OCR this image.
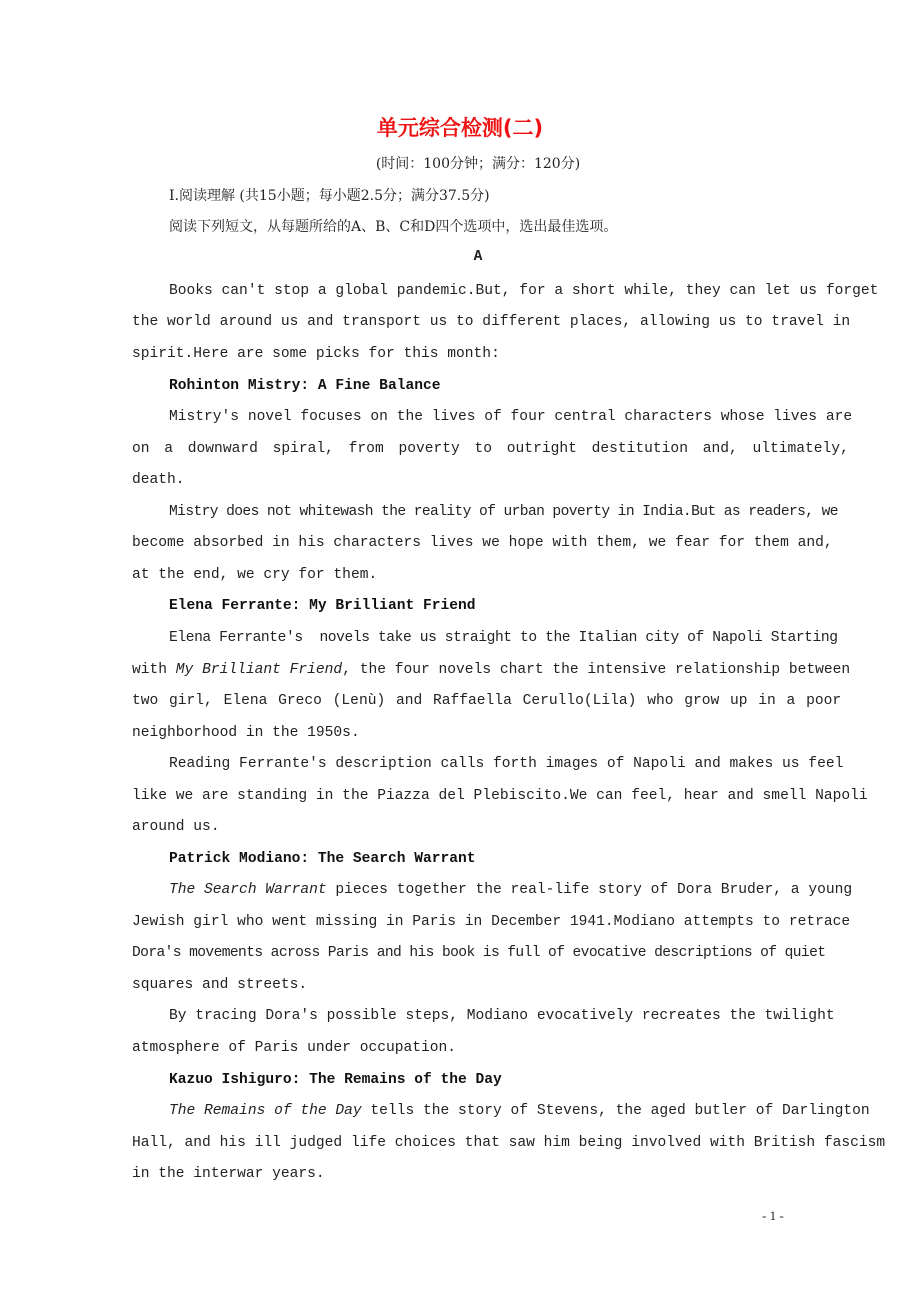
单元综合检测(二)
(时间：100分钟；满分：120分)
Ⅰ.阅读理解 (共15小题；每小题2.5分；满分37.5分)
阅读下列短文，从每题所给的A、B、C和D四个选项中，选出最佳选项。
A
Books can't stop a global pandemic.But, for a short while, they can let us forget
the world around us and transport us to different places, allowing us to travel in
spirit.Here are some picks for this month:
Rohinton Mistry: A Fine Balance
Mistry's novel focuses on the lives of four central characters whose lives are
on a downward spiral, from poverty to outright destitution and, ultimately,
death.
Mistry does not whitewash the reality of urban poverty in India.But as readers, we
become absorbed in his characters lives we hope with them, we fear for them and,
at the end, we cry for them.
Elena Ferrante: My Brilliant Friend
Elena Ferrante's  novels take us straight to the Italian city of Napoli Starting
with My Brilliant Friend, the four novels chart the intensive relationship between
two girl, Elena Greco (Lenù) and Raffaella Cerullo(Lila) who grow up in a poor
neighborhood in the 1950s.
Reading Ferrante's description calls forth images of Napoli and makes us feel
like we are standing in the Piazza del Plebiscito.We can feel, hear and smell Napoli
around us.
Patrick Modiano: The Search Warrant
The Search Warrant pieces together the real-life story of Dora Bruder, a young
Jewish girl who went missing in Paris in December 1941.Modiano attempts to retrace
Dora's movements across Paris and his book is full of evocative descriptions of quiet
squares and streets.
By tracing Dora's possible steps, Modiano evocatively recreates the twilight
atmosphere of Paris under occupation.
Kazuo Ishiguro: The Remains of the Day
The Remains of the Day tells the story of Stevens, the aged butler of Darlington
Hall, and his ill judged life choices that saw him being involved with British fascism
in the interwar years.
- 1 -
